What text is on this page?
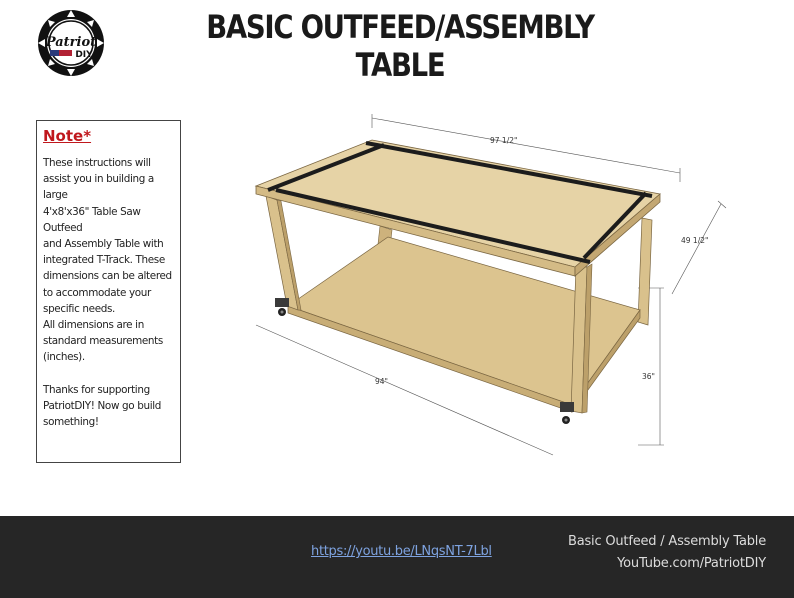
Patriot
DIY
BASIC OUTFEED/ASSEMBLY TABLE
Note*
These instructions will
assist you in building a large
4'x8'x36" Table Saw Outfeed
and Assembly Table with
integrated T-Track. These
dimensions can be altered
to accommodate your
specific needs.
All dimensions are in
standard measurements
(inches).

Thanks for supporting
PatriotDIY! Now go build
something!
97 1/2"
49 1/2"
36"
94"
https://youtu.be/LNqsNT-7Lbl
Basic Outfeed / Assembly Table
YouTube.com/PatriotDIY
